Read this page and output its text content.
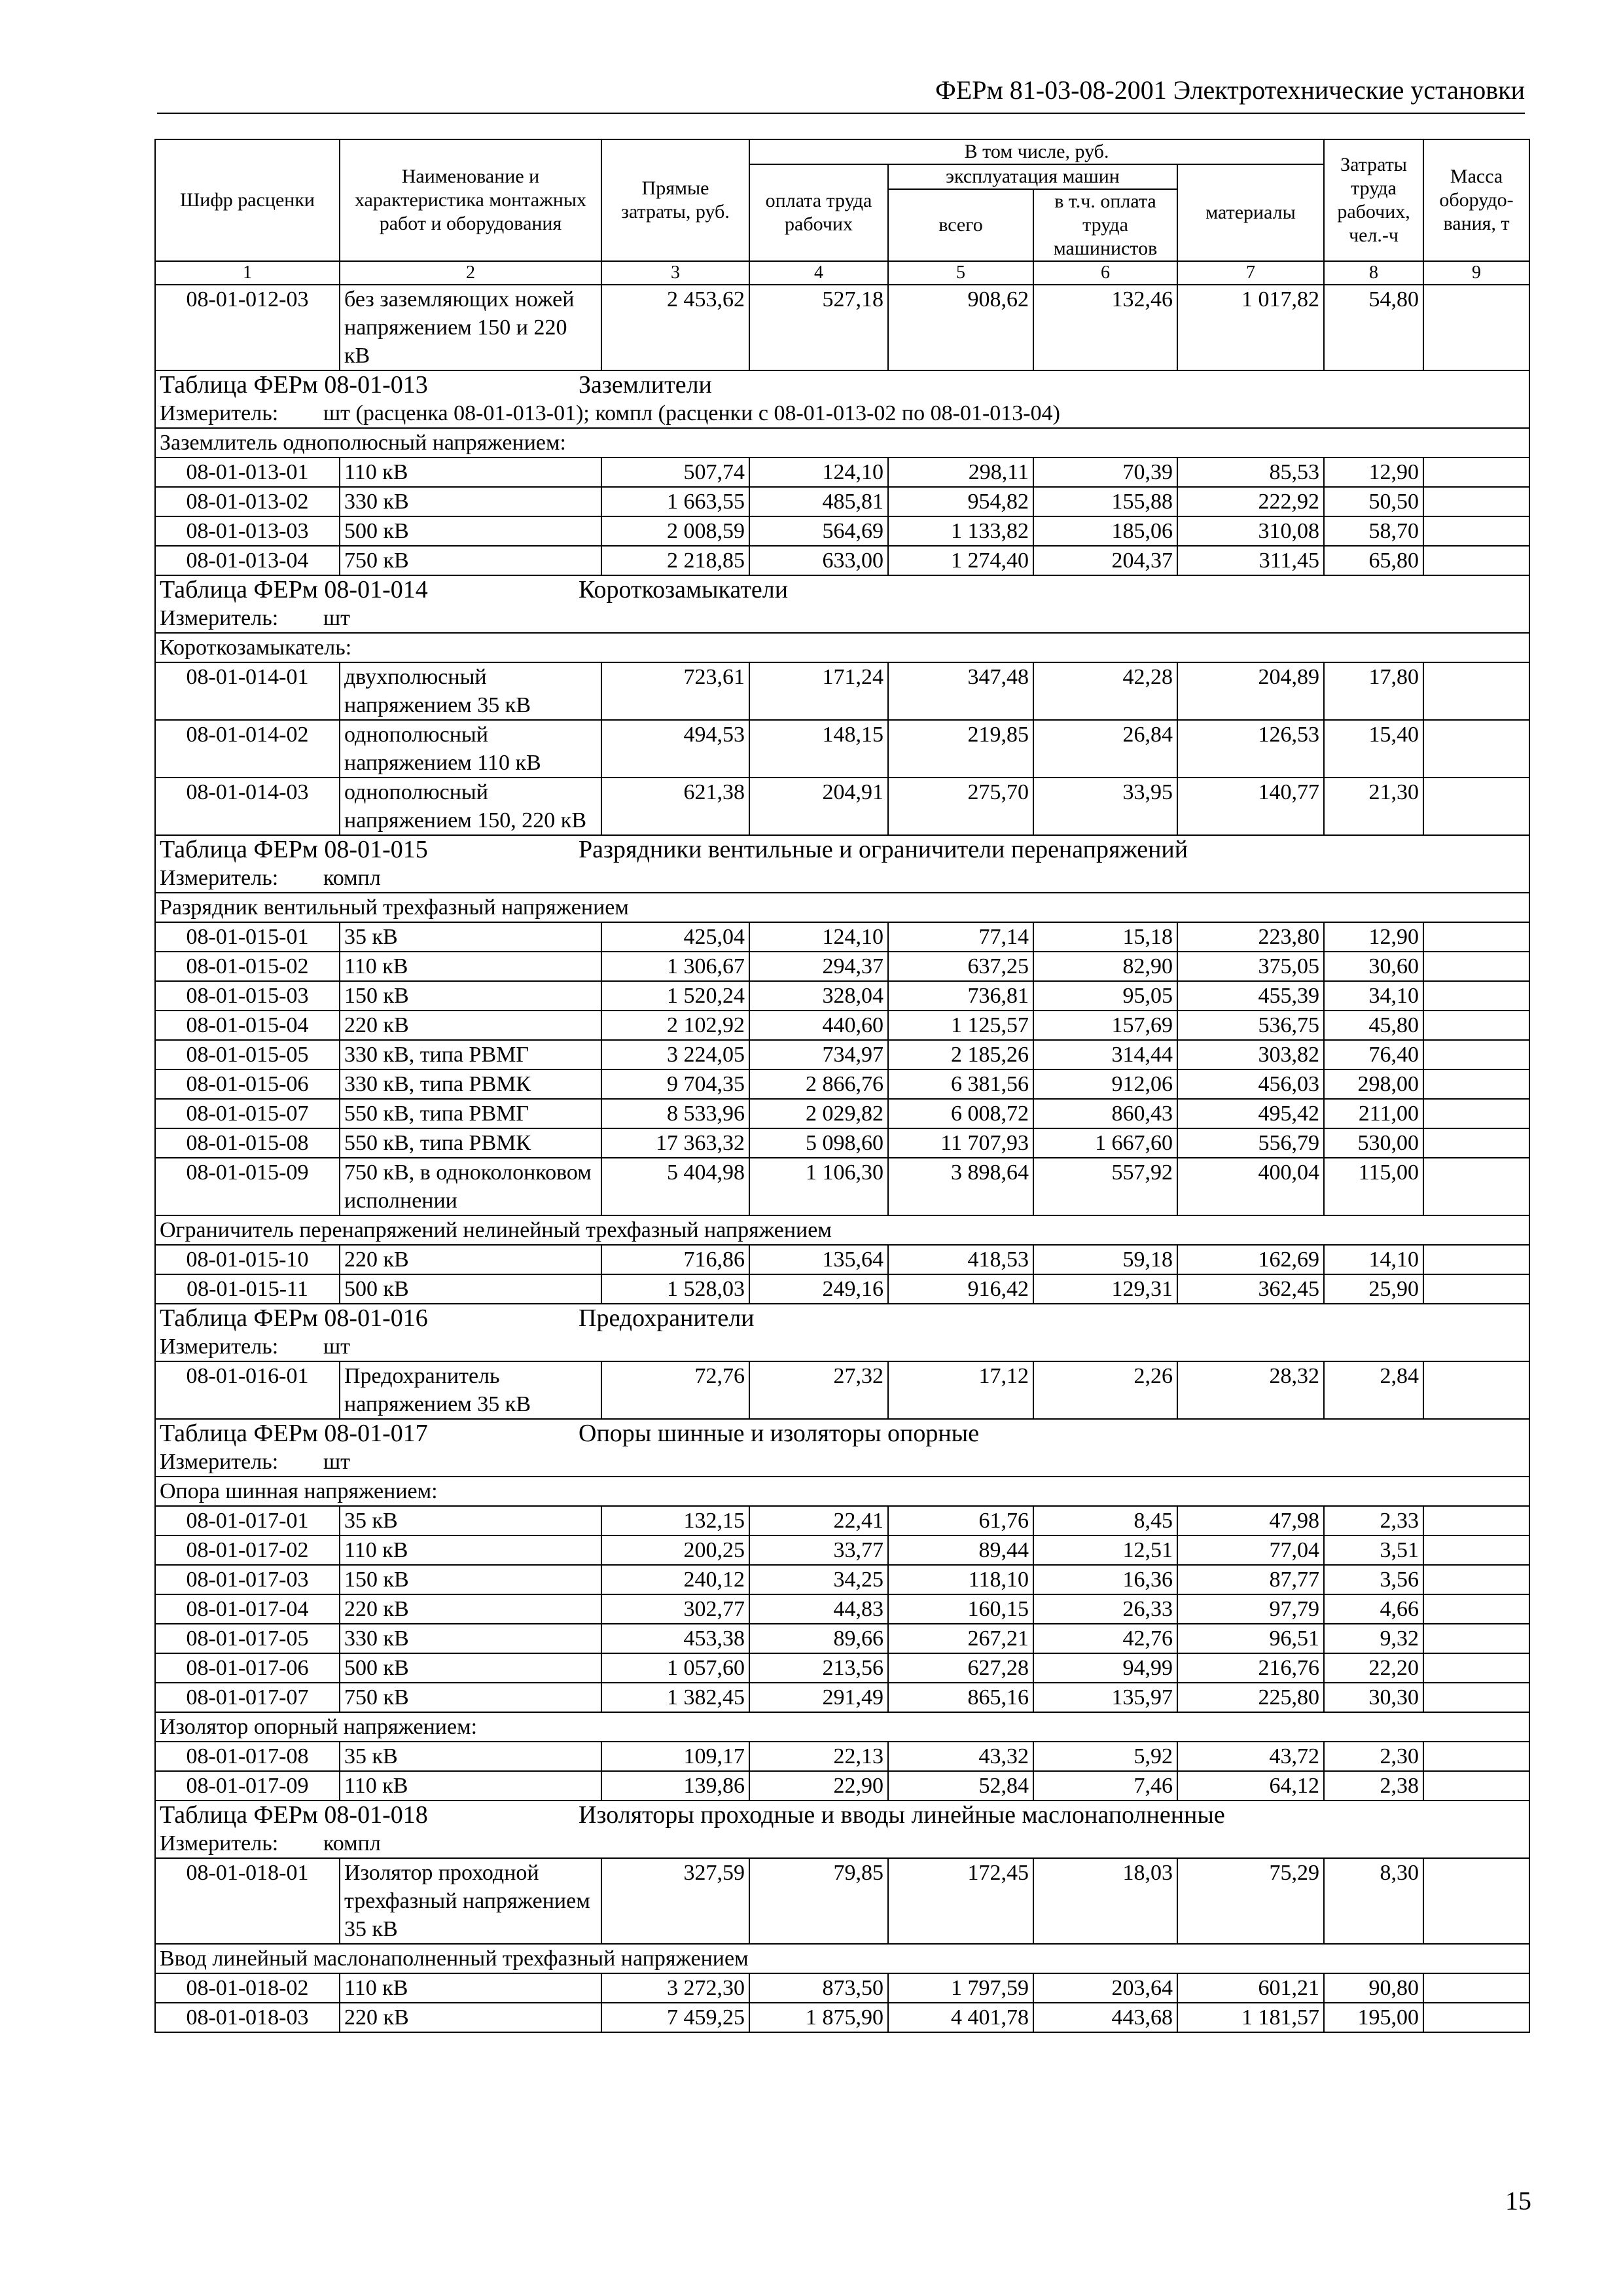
ФЕРм 81-03-08-2001 Электротехнические установки
Шифр расценки	Наименование и характеристика монтажных работ и оборудования	Прямые затраты, руб.	В том числе, руб.				Затраты труда рабочих, чел.-ч	Масса оборудо-вания, т
			оплата труда рабочих	эксплуатация машин		материалы		
				всего	в т.ч. оплата труда машинистов			
1	2	3	4	5	6	7	8	9
08-01-012-03	без заземляющих ножей напряжением 150 и 220 кВ	2 453,62	527,18	908,62	132,46	1 017,82	54,80	
Таблица ФЕРм 08-01-013 Заземлители								
Измеритель: шт (расценка 08-01-013-01); компл (расценки с 08-01-013-02 по 08-01-013-04)								
Заземлитель однополюсный напряжением:								
08-01-013-01	110 кВ	507,74	124,10	298,11	70,39	85,53	12,90	
08-01-013-02	330 кВ	1 663,55	485,81	954,82	155,88	222,92	50,50	
08-01-013-03	500 кВ	2 008,59	564,69	1 133,82	185,06	310,08	58,70	
08-01-013-04	750 кВ	2 218,85	633,00	1 274,40	204,37	311,45	65,80	
Таблица ФЕРм 08-01-014 Короткозамыкатели								
Измеритель: шт								
Короткозамыкатель:								
08-01-014-01	двухполюсный напряжением 35 кВ	723,61	171,24	347,48	42,28	204,89	17,80	
08-01-014-02	однополюсный напряжением 110 кВ	494,53	148,15	219,85	26,84	126,53	15,40	
08-01-014-03	однополюсный напряжением 150, 220 кВ	621,38	204,91	275,70	33,95	140,77	21,30	
Таблица ФЕРм 08-01-015 Разрядники вентильные и ограничители перенапряжений								
Измеритель: компл								
Разрядник вентильный трехфазный напряжением								
08-01-015-01	35 кВ	425,04	124,10	77,14	15,18	223,80	12,90	
08-01-015-02	110 кВ	1 306,67	294,37	637,25	82,90	375,05	30,60	
08-01-015-03	150 кВ	1 520,24	328,04	736,81	95,05	455,39	34,10	
08-01-015-04	220 кВ	2 102,92	440,60	1 125,57	157,69	536,75	45,80	
08-01-015-05	330 кВ, типа РВМГ	3 224,05	734,97	2 185,26	314,44	303,82	76,40	
08-01-015-06	330 кВ, типа РВМК	9 704,35	2 866,76	6 381,56	912,06	456,03	298,00	
08-01-015-07	550 кВ, типа РВМГ	8 533,96	2 029,82	6 008,72	860,43	495,42	211,00	
08-01-015-08	550 кВ, типа РВМК	17 363,32	5 098,60	11 707,93	1 667,60	556,79	530,00	
08-01-015-09	750 кВ, в одноколонковом исполнении	5 404,98	1 106,30	3 898,64	557,92	400,04	115,00	
Ограничитель перенапряжений нелинейный трехфазный напряжением								
08-01-015-10	220 кВ	716,86	135,64	418,53	59,18	162,69	14,10	
08-01-015-11	500 кВ	1 528,03	249,16	916,42	129,31	362,45	25,90	
Таблица ФЕРм 08-01-016 Предохранители								
Измеритель: шт								
08-01-016-01	Предохранитель напряжением 35 кВ	72,76	27,32	17,12	2,26	28,32	2,84	
Таблица ФЕРм 08-01-017 Опоры шинные и изоляторы опорные								
Измеритель: шт								
Опора шинная напряжением:								
08-01-017-01	35 кВ	132,15	22,41	61,76	8,45	47,98	2,33	
08-01-017-02	110 кВ	200,25	33,77	89,44	12,51	77,04	3,51	
08-01-017-03	150 кВ	240,12	34,25	118,10	16,36	87,77	3,56	
08-01-017-04	220 кВ	302,77	44,83	160,15	26,33	97,79	4,66	
08-01-017-05	330 кВ	453,38	89,66	267,21	42,76	96,51	9,32	
08-01-017-06	500 кВ	1 057,60	213,56	627,28	94,99	216,76	22,20	
08-01-017-07	750 кВ	1 382,45	291,49	865,16	135,97	225,80	30,30	
Изолятор опорный напряжением:								
08-01-017-08	35 кВ	109,17	22,13	43,32	5,92	43,72	2,30	
08-01-017-09	110 кВ	139,86	22,90	52,84	7,46	64,12	2,38	
Таблица ФЕРм 08-01-018 Изоляторы проходные и вводы линейные маслонаполненные								
Измеритель: компл								
08-01-018-01	Изолятор проходной трехфазный напряжением 35 кВ	327,59	79,85	172,45	18,03	75,29	8,30	
Ввод линейный маслонаполненный трехфазный напряжением								
08-01-018-02	110 кВ	3 272,30	873,50	1 797,59	203,64	601,21	90,80	
08-01-018-03	220 кВ	7 459,25	1 875,90	4 401,78	443,68	1 181,57	195,00	
15
